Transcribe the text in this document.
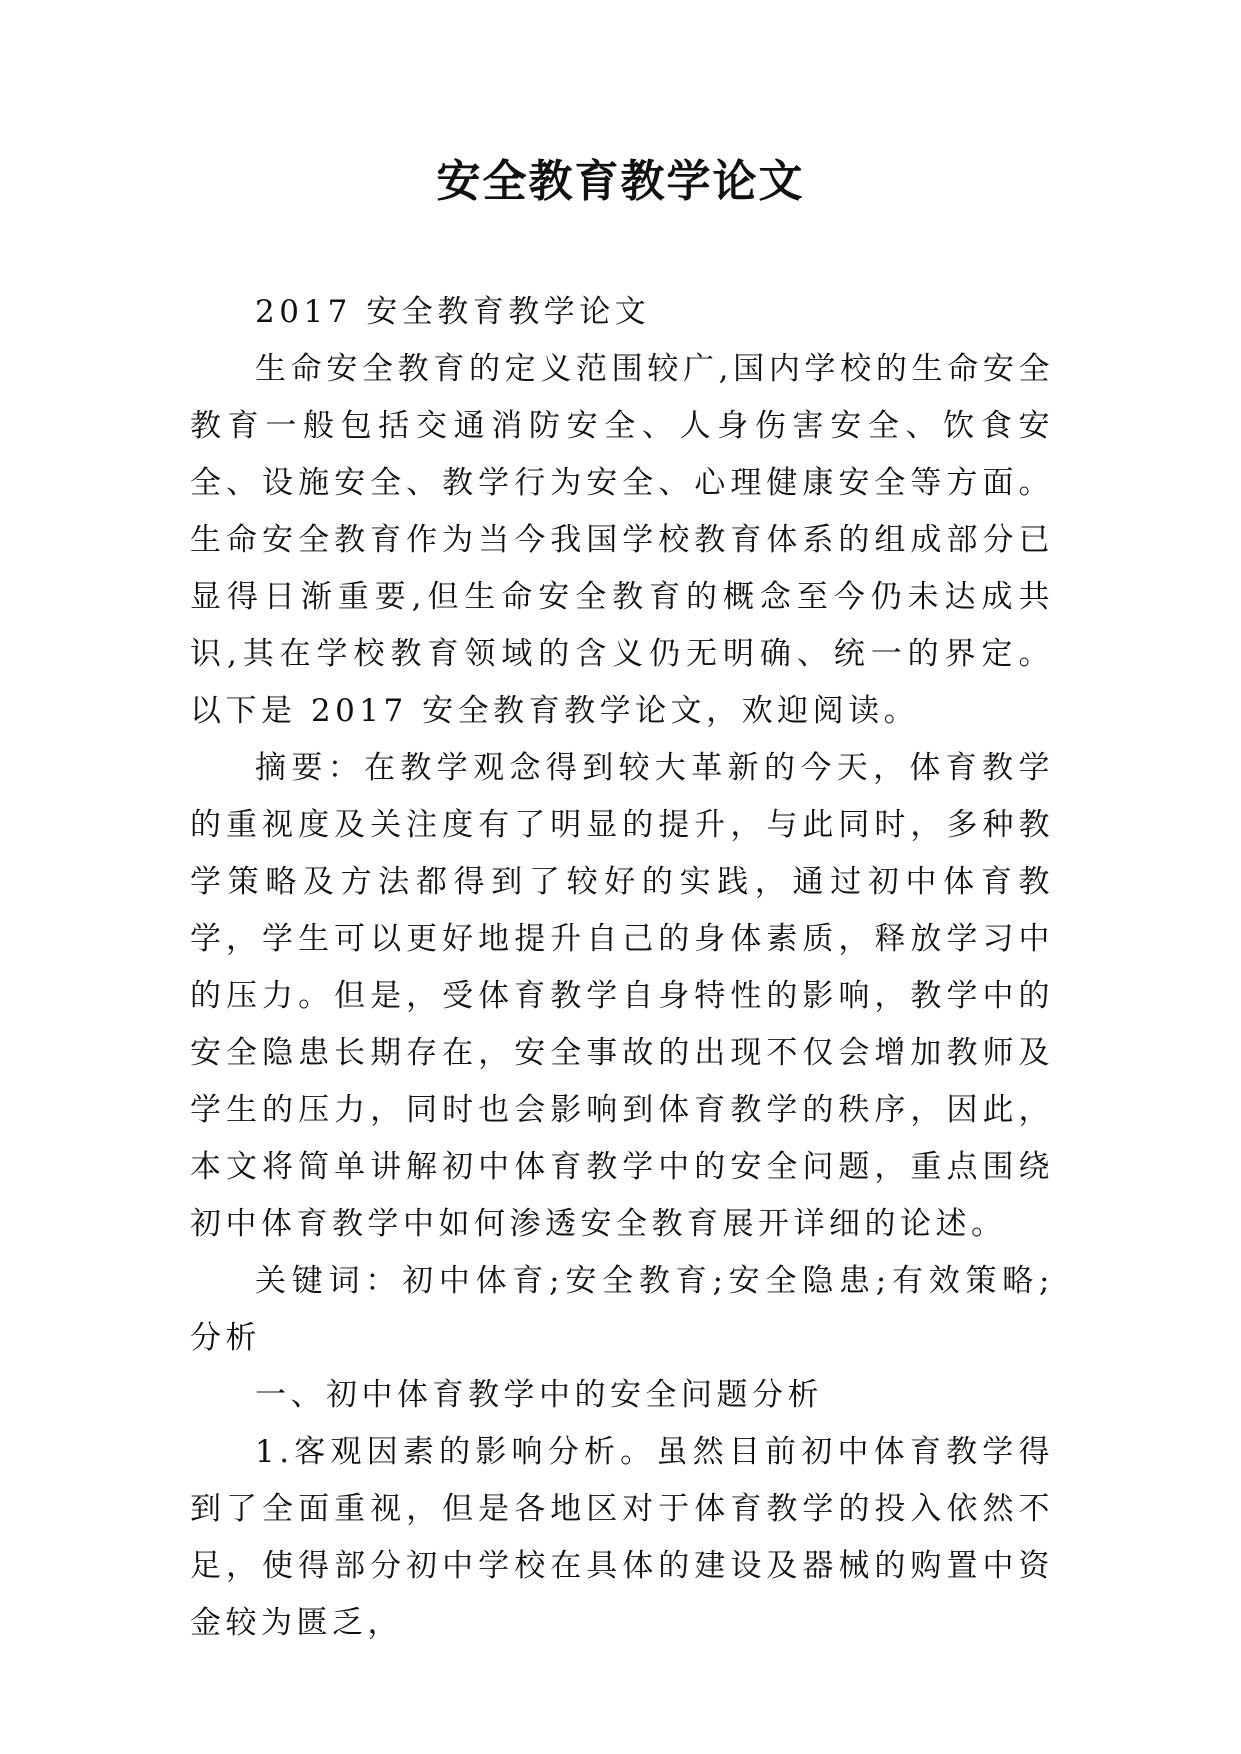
安全教育教学论文

2017 安全教育教学论文

生命安全教育的定义范围较广,国内学校的生命安全教育一般包括交通消防安全、人身伤害安全、饮食安全、设施安全、教学行为安全、心理健康安全等方面。生命安全教育作为当今我国学校教育体系的组成部分已显得日渐重要,但生命安全教育的概念至今仍未达成共识,其在学校教育领域的含义仍无明确、统一的界定。以下是 2017 安全教育教学论文，欢迎阅读。

摘要：在教学观念得到较大革新的今天，体育教学的重视度及关注度有了明显的提升，与此同时，多种教学策略及方法都得到了较好的实践，通过初中体育教学，学生可以更好地提升自己的身体素质，释放学习中的压力。但是，受体育教学自身特性的影响，教学中的安全隐患长期存在，安全事故的出现不仅会增加教师及学生的压力，同时也会影响到体育教学的秩序，因此，本文将简单讲解初中体育教学中的安全问题，重点围绕初中体育教学中如何渗透安全教育展开详细的论述。

关键词：初中体育;安全教育;安全隐患;有效策略;分析

一、初中体育教学中的安全问题分析

1.客观因素的影响分析。虽然目前初中体育教学得到了全面重视，但是各地区对于体育教学的投入依然不足，使得部分初中学校在具体的建设及器械的购置中资金较为匮乏，
